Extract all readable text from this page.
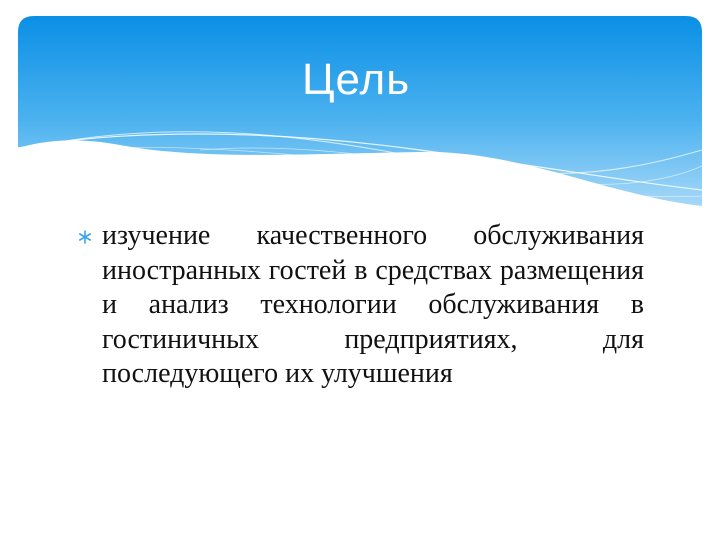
Цель

изучение качественного обслуживания иностранных гостей в средствах размещения и анализ технологии обслуживания в гостиничных предприятиях, для последующего их улучшения
